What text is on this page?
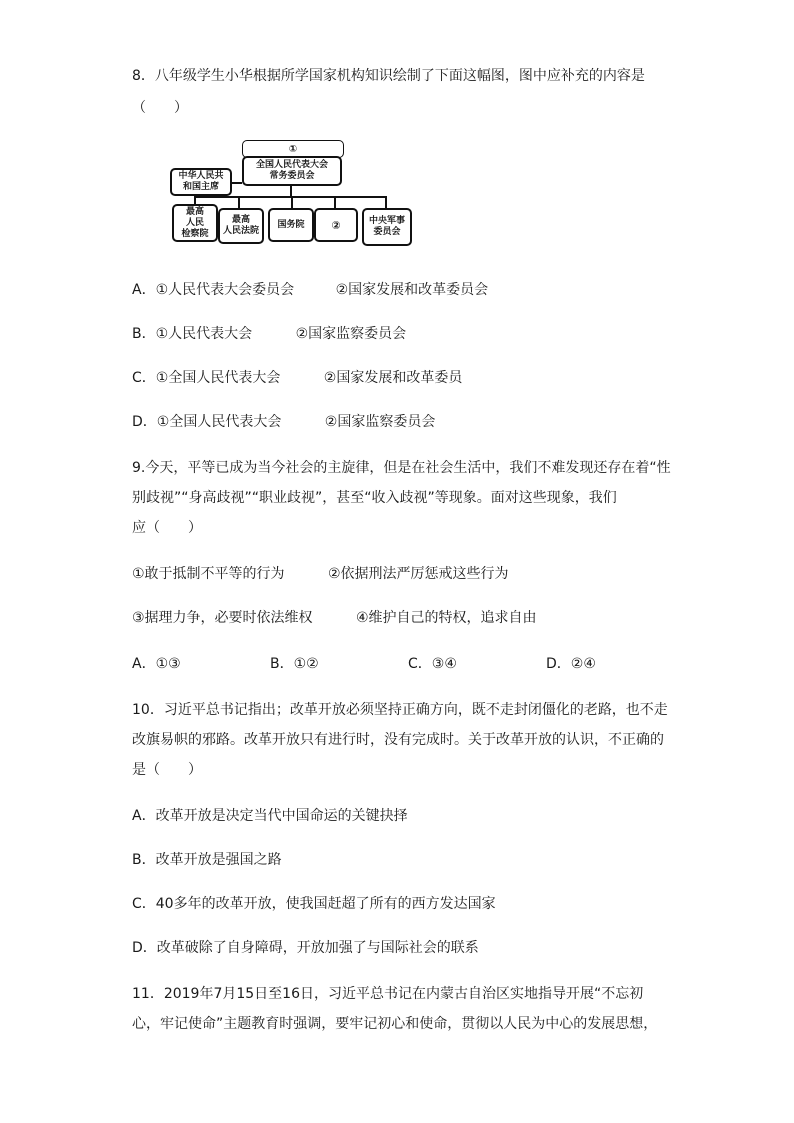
8．八年级学生小华根据所学国家机构知识绘制了下面这幅图，图中应补充的内容是
（　　）
①
全国人民代表大会
常务委员会
中华人民共
和国主席
最高
人民
检察院
最高
人民法院
国务院	②	中央军事
委员会
A．①人民代表大会委员会	②国家发展和改革委员会
B．①人民代表大会	②国家监察委员会
C．①全国人民代表大会	②国家发展和改革委员
D．①全国人民代表大会	②国家监察委员会
9.今天，平等已成为当今社会的主旋律，但是在社会生活中，我们不难发现还存在着“性
别歧视”“身高歧视”“职业歧视”，甚至“收入歧视”等现象。面对这些现象，我们
应（　　）
①敢于抵制不平等的行为	②依据刑法严厉惩戒这些行为
③据理力争，必要时依法维权	④维护自己的特权，追求自由
A．①③	B．①②	C．③④	D．②④
10．习近平总书记指出；改革开放必须坚持正确方向，既不走封闭僵化的老路，也不走
改旗易帜的邪路。改革开放只有进行时，没有完成时。关于改革开放的认识，不正确的
是（　　）
A．改革开放是决定当代中国命运的关键抉择
B．改革开放是强国之路
C．40多年的改革开放，使我国赶超了所有的西方发达国家
D．改革破除了自身障碍，开放加强了与国际社会的联系
11．2019年7月15日至16日，习近平总书记在内蒙古自治区实地指导开展“不忘初
心，牢记使命”主题教育时强调，要牢记初心和使命，贯彻以人民为中心的发展思想，
